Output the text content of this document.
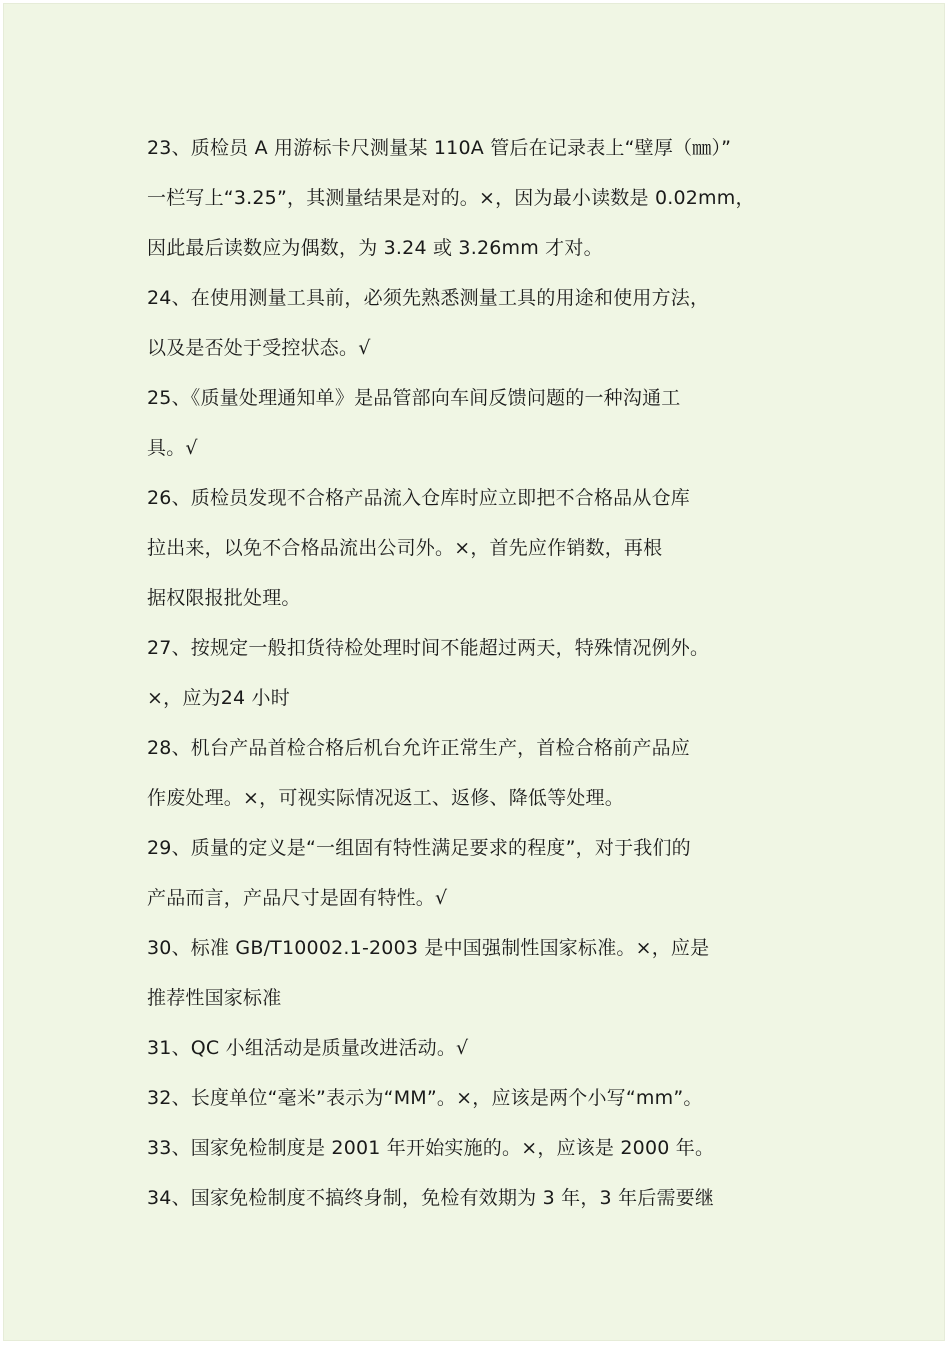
23、质检员 A 用游标卡尺测量某 110A 管后在记录表上“壁厚（㎜）”
一栏写上“3.25”，其测量结果是对的。×，因为最小读数是 0.02mm，
因此最后读数应为偶数，为 3.24 或 3.26mm 才对。
24、在使用测量工具前，必须先熟悉测量工具的用途和使用方法，
以及是否处于受控状态。√
25、《质量处理通知单》是品管部向车间反馈问题的一种沟通工
具。√
26、质检员发现不合格产品流入仓库时应立即把不合格品从仓库
拉出来，以免不合格品流出公司外。×，首先应作销数，再根
据权限报批处理。
27、按规定一般扣货待检处理时间不能超过两天，特殊情况例外。
×，应为24 小时
28、机台产品首检合格后机台允许正常生产，首检合格前产品应
作废处理。×，可视实际情况返工、返修、降低等处理。
29、质量的定义是“一组固有特性满足要求的程度”，对于我们的
产品而言，产品尺寸是固有特性。√
30、标准 GB/T10002.1-2003 是中国强制性国家标准。×，应是
推荐性国家标准
31、QC 小组活动是质量改进活动。√
32、长度单位“毫米”表示为“MM”。×，应该是两个小写“mm”。
33、国家免检制度是 2001 年开始实施的。×，应该是 2000 年。
34、国家免检制度不搞终身制，免检有效期为 3 年，3 年后需要继
